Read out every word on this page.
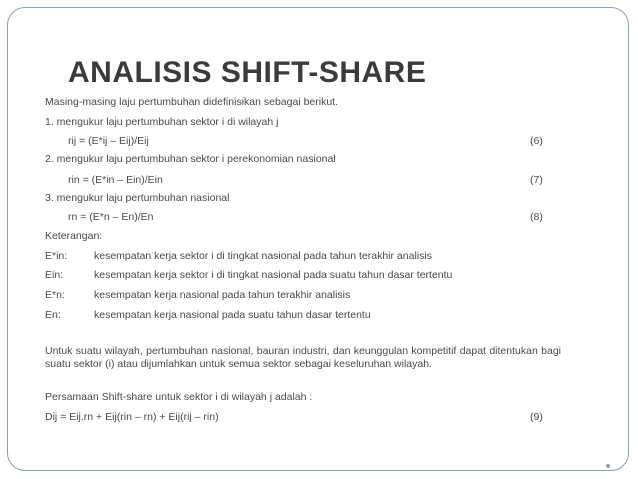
ANALISIS SHIFT-SHARE
Masing-masing laju pertumbuhan didefinisikan sebagai berikut.
1. mengukur laju pertumbuhan sektor i di wilayah j
rij = (E*ij – Eij)/Eij	(6)
2. mengukur laju pertumbuhan sektor i perekonomian nasional
rin = (E*in – Ein)/Ein	(7)
3. mengukur laju pertumbuhan nasional
rn = (E*n – En)/En	(8)
Keterangan:
E*in:	kesempatan kerja sektor i di tingkat nasional pada tahun terakhir analisis
Ein:	kesempatan kerja sektor i di tingkat nasional pada suatu tahun dasar tertentu
E*n:	kesempatan kerja nasional pada tahun terakhir analisis
En:	kesempatan kerja nasional pada suatu tahun dasar tertentu
Untuk suatu wilayah, pertumbuhan nasional, bauran industri, dan keunggulan kompetitif dapat ditentukan bagi suatu sektor (i) atau dijumlahkan untuk semua sektor sebagai keseluruhan wilayah.
Persamaan Shift-share untuk sektor i di wilayah j adalah :
Dij = Eij.rn + Eij(rin – rn) + Eij(rij – rin)	(9)
